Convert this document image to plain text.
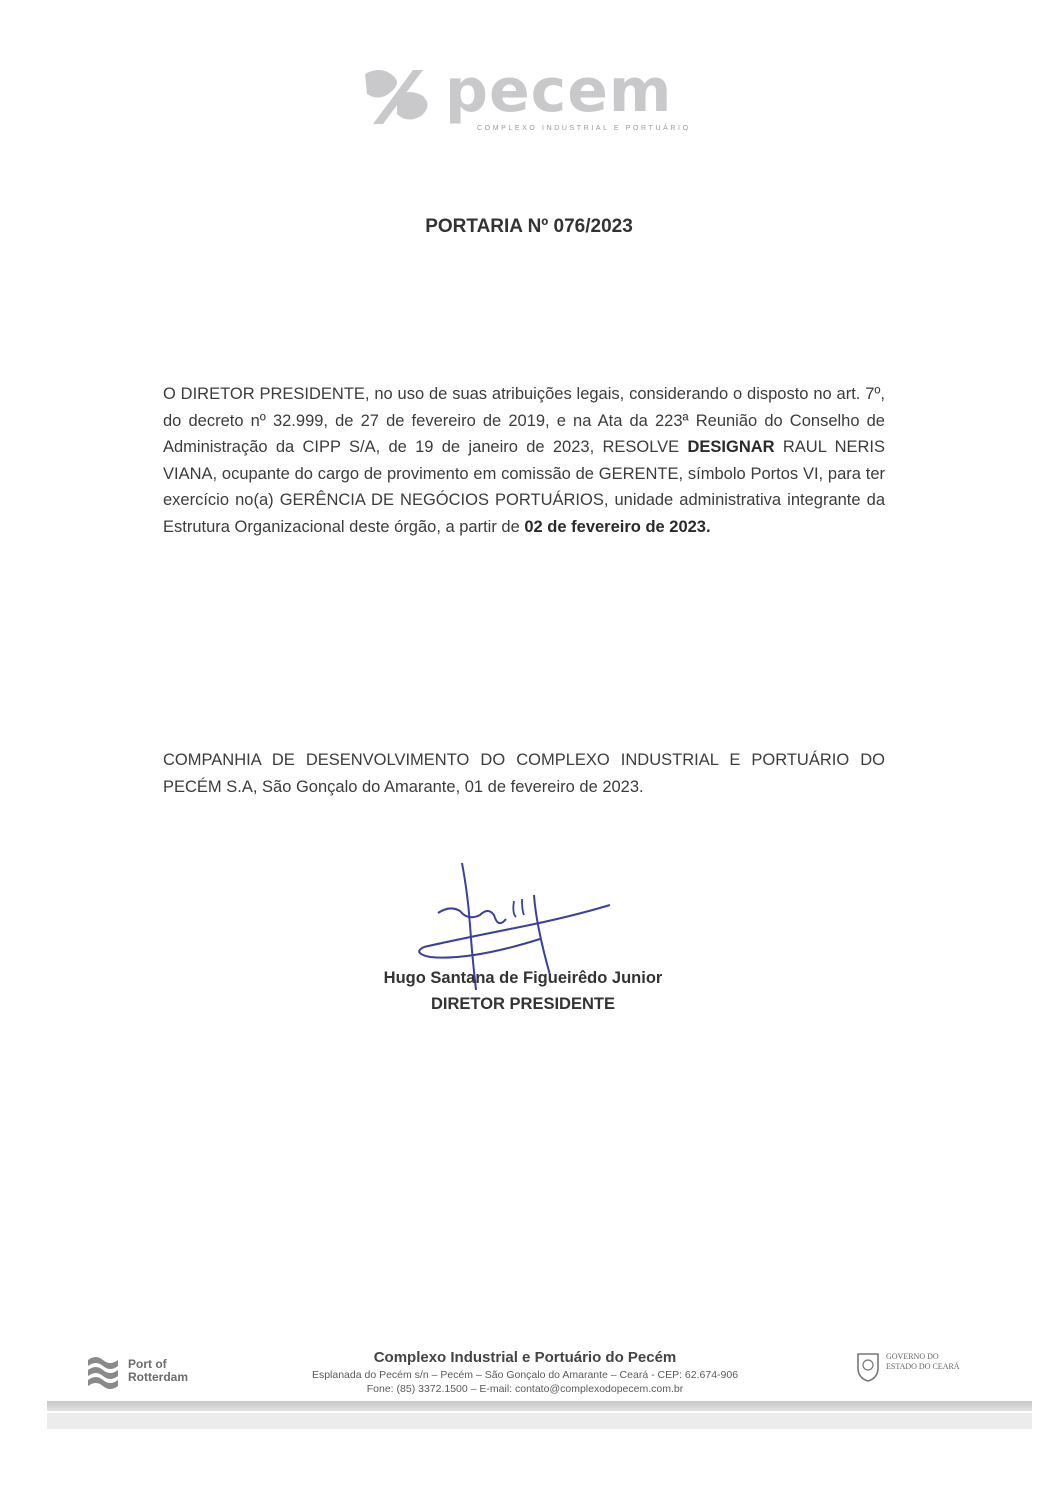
pecem
COMPLEXO INDUSTRIAL E PORTUÁRIO
PORTARIA Nº 076/2023
O DIRETOR PRESIDENTE, no uso de suas atribuições legais, considerando o disposto no art. 7º, do decreto nº 32.999, de 27 de fevereiro de 2019, e na Ata da 223ª Reunião do Conselho de Administração da CIPP S/A, de 19 de janeiro de 2023, RESOLVE DESIGNAR RAUL NERIS VIANA, ocupante do cargo de provimento em comissão de GERENTE, símbolo Portos VI, para ter exercício no(a) GERÊNCIA DE NEGÓCIOS PORTUÁRIOS, unidade administrativa integrante da Estrutura Organizacional deste órgão, a partir de 02 de fevereiro de 2023.
COMPANHIA DE DESENVOLVIMENTO DO COMPLEXO INDUSTRIAL E PORTUÁRIO DO PECÉM S.A, São Gonçalo do Amarante, 01 de fevereiro de 2023.
Hugo Santana de Figueirêdo Junior
DIRETOR PRESIDENTE
Port of
Rotterdam
Complexo Industrial e Portuário do Pecém
Esplanada do Pecém s/n – Pecém – São Gonçalo do Amarante – Ceará - CEP: 62.674-906
Fone: (85) 3372.1500 – E-mail: contato@complexodopecem.com.br
GOVERNO DO
ESTADO DO CEARÁ
